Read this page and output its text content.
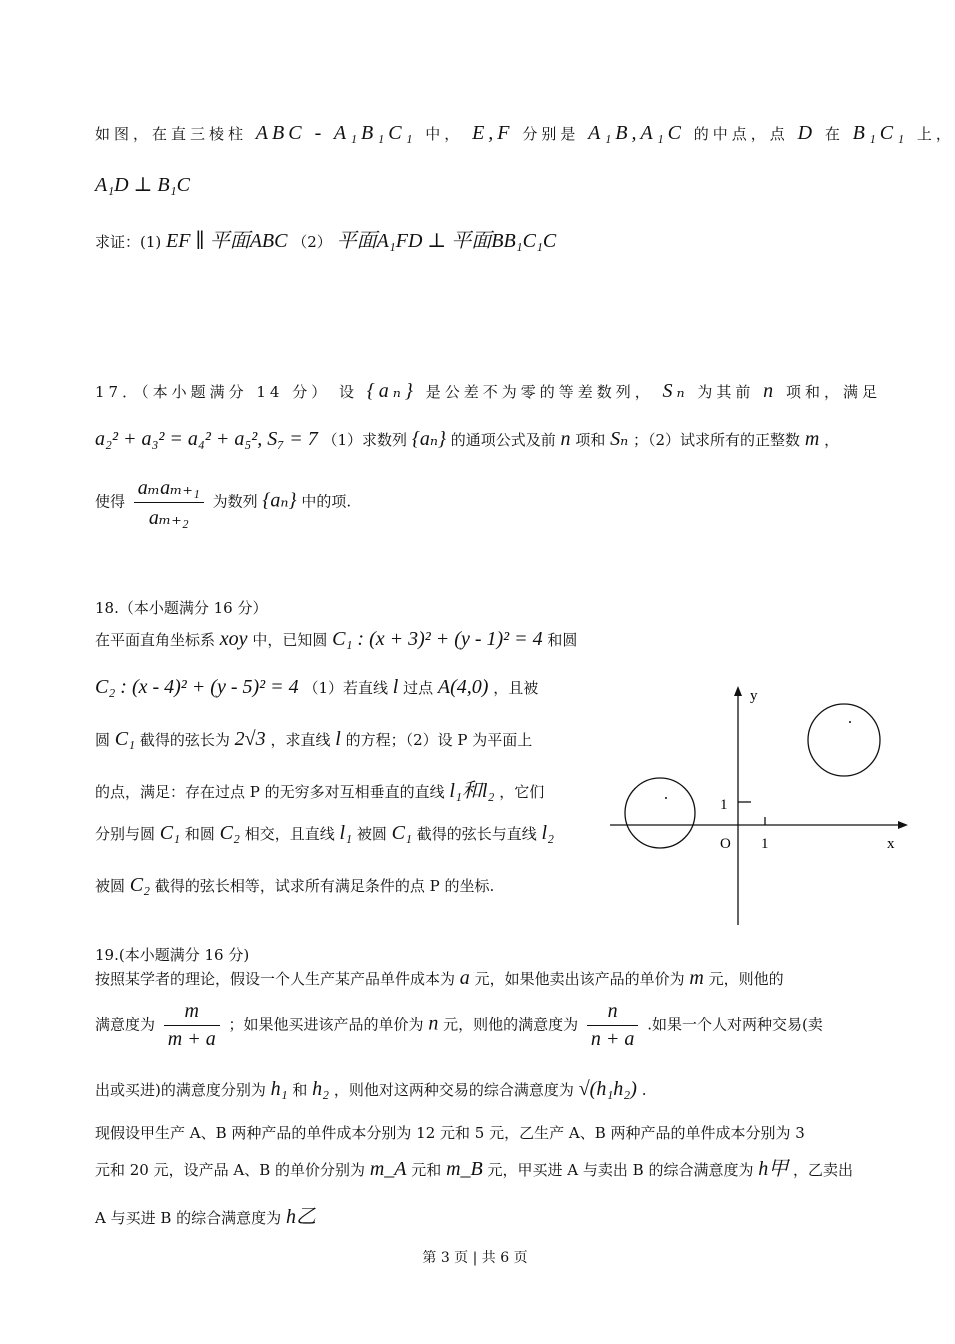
如图，在直三棱柱 ABC - A₁B₁C₁ 中， E,F 分别是 A₁B,A₁C 的中点，点 D 在 B₁C₁ 上，
A₁D ⊥ B₁C
求证：(1) EF ∥ 平面ABC （2） 平面A₁FD ⊥ 平面BB₁C₁C
17．（本小题满分 14 分） 设 {aₙ} 是公差不为零的等差数列， Sₙ 为其前 n 项和，满足
a₂² + a₃² = a₄² + a₅², S₇ = 7 （1）求数列 {aₙ} 的通项公式及前 n 项和 Sₙ ；（2）试求所有的正整数 m ，
使得 $\frac{\text{aₘaₘ₊₁}}{\text{aₘ₊₂}}$ 为数列 {aₙ} 中的项.
18.（本小题满分 16 分）
在平面直角坐标系 xoy 中，已知圆 C₁ : (x + 3)² + (y - 1)² = 4 和圆
C₂ : (x - 4)² + (y - 5)² = 4 （1）若直线 l 过点 A(4,0) ，且被
圆 C₁ 截得的弦长为 2√3 ，求直线 l 的方程；（2）设 P 为平面上
的点，满足：存在过点 P 的无穷多对互相垂直的直线 l₁和l₂ ，它们
分别与圆 C₁ 和圆 C₂ 相交，且直线 l₁ 被圆 C₁ 截得的弦长与直线 l₂
被圆 C₂ 截得的弦长相等，试求所有满足条件的点 P 的坐标.
y
x
O 1
1
19.(本小题满分 16 分)
按照某学者的理论，假设一个人生产某产品单件成本为 a 元，如果他卖出该产品的单价为 m 元，则他的
满意度为 $\frac{m}{m + a}$ ；如果他买进该产品的单价为 n 元，则他的满意度为 $\frac{n}{n + a}$ .如果一个人对两种交易(卖
出或买进)的满意度分别为 h₁ 和 h₂ ，则他对这两种交易的综合满意度为 √(h₁h₂) .
现假设甲生产 A、B 两种产品的单件成本分别为 12 元和 5 元，乙生产 A、B 两种产品的单件成本分别为 3
元和 20 元，设产品 A、B 的单价分别为 m_A 元和 m_B 元，甲买进 A 与卖出 B 的综合满意度为 h甲 ，乙卖出
A 与买进 B 的综合满意度为 h乙
第 3 页 | 共 6 页
